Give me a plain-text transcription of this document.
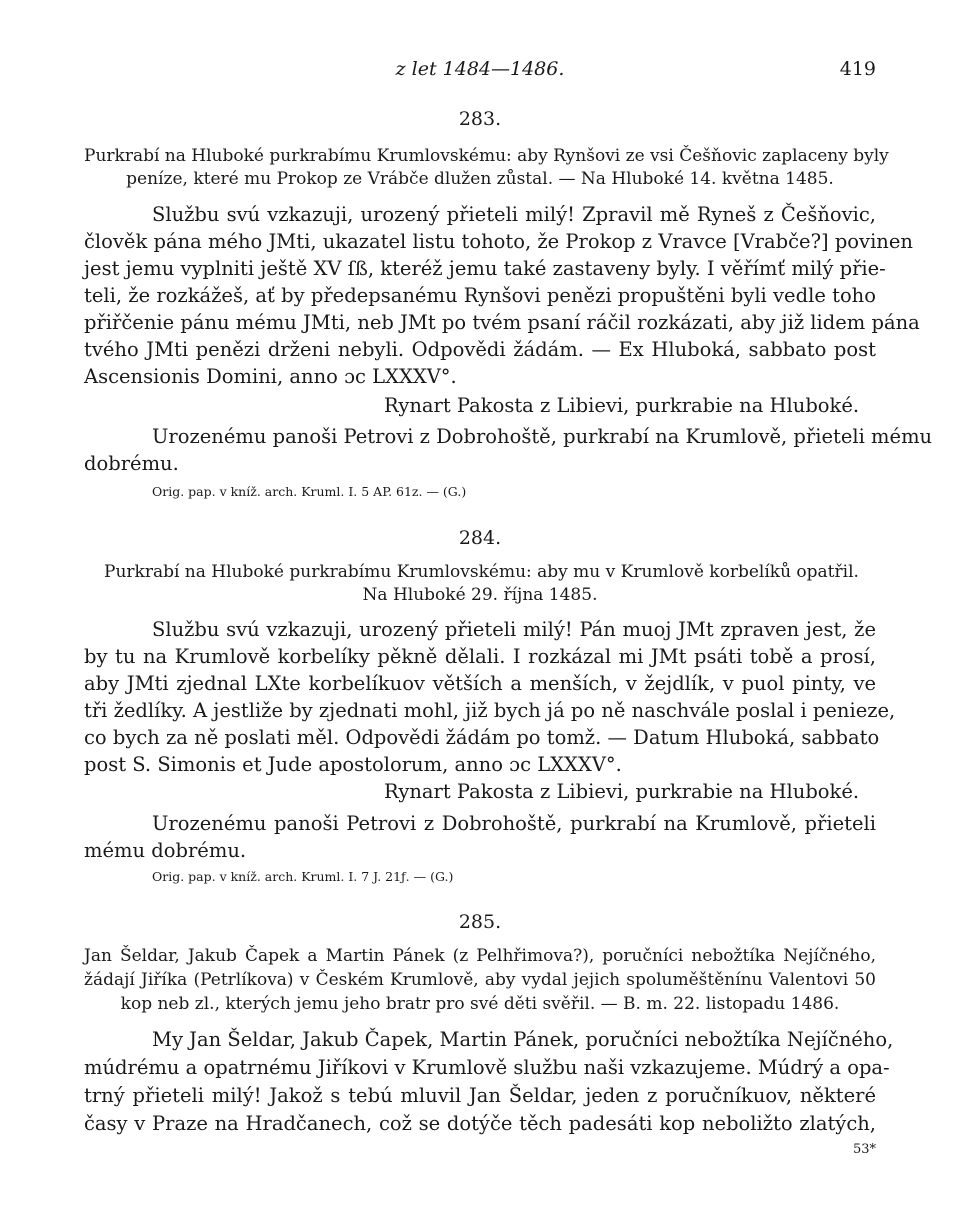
z let 1484—1486.	419
283.
Purkrabí na Hluboké purkrabímu Krumlovskému: aby Rynšovi ze vsi Češňovic zaplaceny byly
peníze, které mu Prokop ze Vrábče dlužen zůstal. — Na Hluboké 14. května 1485.
Službu svú vzkazuji, urozený přieteli milý! Zpravil mě Ryneš z Češňovic,
člověk pána mého JMti, ukazatel listu tohoto, že Prokop z Vravce [Vrabče?] povinen
jest jemu vyplniti ještě XV ſß, kteréž jemu také zastaveny byly. I věřímť milý přie-
teli, že rozkážeš, ať by předepsanému Rynšovi penězi propuštěni byli vedle toho
přiřčenie pánu mému JMti, neb JMt po tvém psaní ráčil rozkázati, aby již lidem pána
tvého JMti penězi drženi nebyli. Odpovědi žádám. — Ex Hluboká, sabbato post
Ascensionis Domini, anno ɔc LXXXV°.
Rynart Pakosta z Libievi, purkrabie na Hluboké.
Urozenému panoši Petrovi z Dobrohoště, purkrabí na Krumlově, přieteli mému
dobrému.
Orig. pap. v kníž. arch. Kruml. I. 5 AP. 61z. — (G.)
284.
Purkrabí na Hluboké purkrabímu Krumlovskému: aby mu v Krumlově korbelíků opatřil.
Na Hluboké 29. října 1485.
Službu svú vzkazuji, urozený přieteli milý! Pán muoj JMt zpraven jest, že
by tu na Krumlově korbelíky pěkně dělali. I rozkázal mi JMt psáti tobě a prosí,
aby JMti zjednal LXte korbelíkuov větších a menších, v žejdlík, v puol pinty, ve
tři žedlíky. A jestliže by zjednati mohl, již bych já po ně naschvále poslal i penieze,
co bych za ně poslati měl. Odpovědi žádám po tomž. — Datum Hluboká, sabbato
post S. Simonis et Jude apostolorum, anno ɔc LXXXV°.
Rynart Pakosta z Libievi, purkrabie na Hluboké.
Urozenému panoši Petrovi z Dobrohoště, purkrabí na Krumlově, přieteli
mému dobrému.
Orig. pap. v kníž. arch. Kruml. I. 7 J. 21ƒ. — (G.)
285.
Jan Šeldar, Jakub Čapek a Martin Pánek (z Pelhřimova?), poručníci nebožtíka Nejíčného,
žádají Jiříka (Petrlíkova) v Českém Krumlově, aby vydal jejich spoluměštěnínu Valentovi 50
kop neb zl., kterých jemu jeho bratr pro své děti svěřil. — B. m. 22. listopadu 1486.
My Jan Šeldar, Jakub Čapek, Martin Pánek, poručníci nebožtíka Nejíčného,
múdrému a opatrnému Jiříkovi v Krumlově službu naši vzkazujeme. Múdrý a opa-
trný přieteli milý! Jakož s tebú mluvil Jan Šeldar, jeden z poručníkuov, některé
časy v Praze na Hradčanech, což se dotýče těch padesáti kop neboližto zlatých,
53*
